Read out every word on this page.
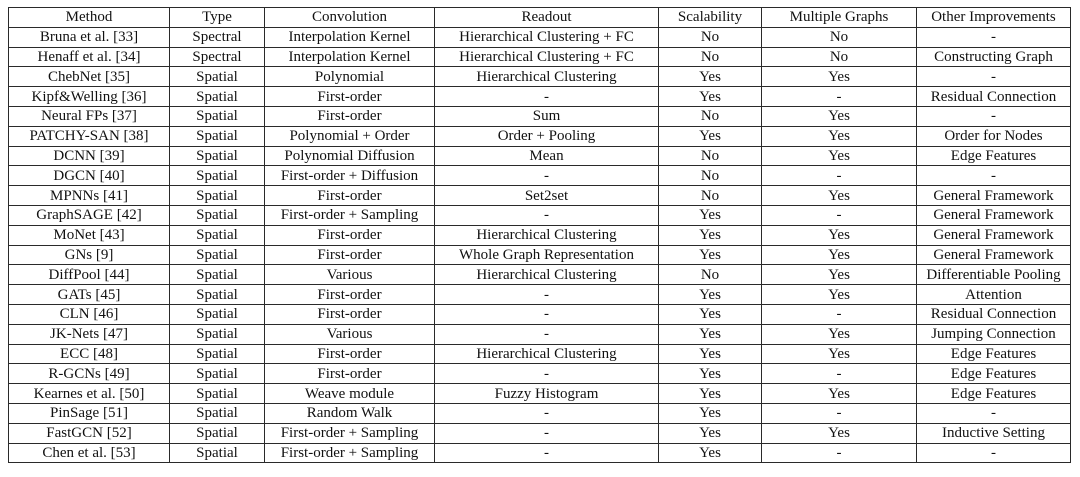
Method	Type	Convolution	Readout	Scalability	Multiple Graphs	Other Improvements
Bruna et al. [33]	Spectral	Interpolation Kernel	Hierarchical Clustering + FC	No	No	-
Henaff et al. [34]	Spectral	Interpolation Kernel	Hierarchical Clustering + FC	No	No	Constructing Graph
ChebNet [35]	Spatial	Polynomial	Hierarchical Clustering	Yes	Yes	-
Kipf&Welling [36]	Spatial	First-order	-	Yes	-	Residual Connection
Neural FPs [37]	Spatial	First-order	Sum	No	Yes	-
PATCHY-SAN [38]	Spatial	Polynomial + Order	Order + Pooling	Yes	Yes	Order for Nodes
DCNN [39]	Spatial	Polynomial Diffusion	Mean	No	Yes	Edge Features
DGCN [40]	Spatial	First-order + Diffusion	-	No	-	-
MPNNs [41]	Spatial	First-order	Set2set	No	Yes	General Framework
GraphSAGE [42]	Spatial	First-order + Sampling	-	Yes	-	General Framework
MoNet [43]	Spatial	First-order	Hierarchical Clustering	Yes	Yes	General Framework
GNs [9]	Spatial	First-order	Whole Graph Representation	Yes	Yes	General Framework
DiffPool [44]	Spatial	Various	Hierarchical Clustering	No	Yes	Differentiable Pooling
GATs [45]	Spatial	First-order	-	Yes	Yes	Attention
CLN [46]	Spatial	First-order	-	Yes	-	Residual Connection
JK-Nets [47]	Spatial	Various	-	Yes	Yes	Jumping Connection
ECC [48]	Spatial	First-order	Hierarchical Clustering	Yes	Yes	Edge Features
R-GCNs [49]	Spatial	First-order	-	Yes	-	Edge Features
Kearnes et al. [50]	Spatial	Weave module	Fuzzy Histogram	Yes	Yes	Edge Features
PinSage [51]	Spatial	Random Walk	-	Yes	-	-
FastGCN [52]	Spatial	First-order + Sampling	-	Yes	Yes	Inductive Setting
Chen et al. [53]	Spatial	First-order + Sampling	-	Yes	-	-
